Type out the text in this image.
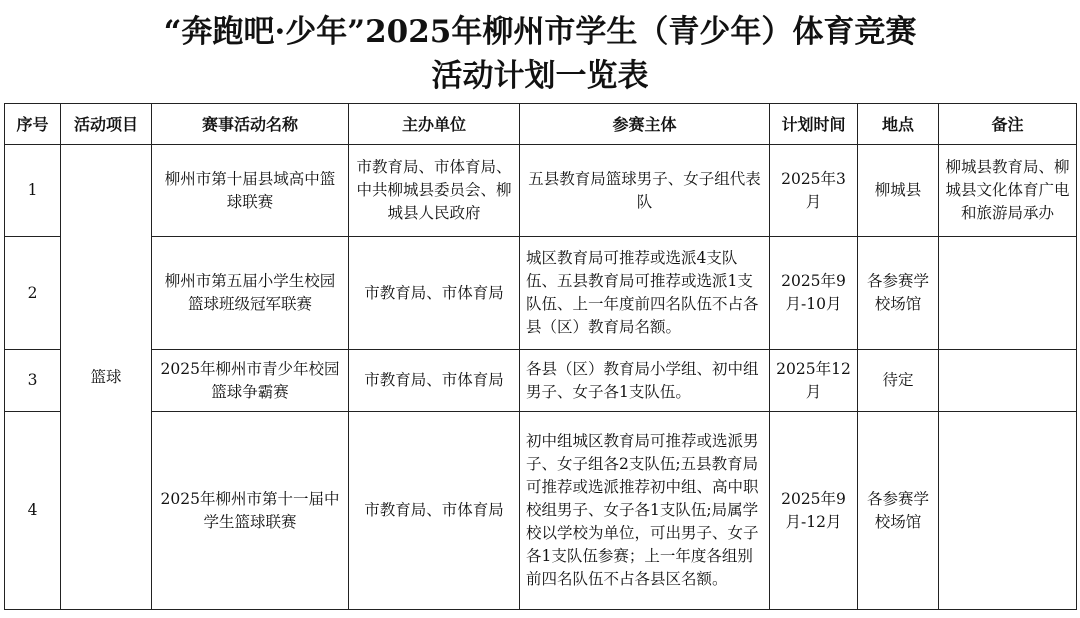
“奔跑吧·少年”2025年柳州市学生（青少年）体育竞赛
活动计划一览表
序号	活动项目	赛事活动名称	主办单位	参赛主体	计划时间	地点	备注
1	篮球	柳州市第十届县域高中篮球联赛	市教育局、市体育局、中共柳城县委员会、柳城县人民政府	五县教育局篮球男子、女子组代表队	2025年3月	柳城县	柳城县教育局、柳城县文化体育广电和旅游局承办
2		柳州市第五届小学生校园篮球班级冠军联赛	市教育局、市体育局	城区教育局可推荐或选派4支队伍、五县教育局可推荐或选派1支队伍、上一年度前四名队伍不占各县（区）教育局名额。	2025年9月-10月	各参赛学校场馆	
3		2025年柳州市青少年校园篮球争霸赛	市教育局、市体育局	各县（区）教育局小学组、初中组男子、女子各1支队伍。	2025年12月	待定	
4		2025年柳州市第十一届中学生篮球联赛	市教育局、市体育局	初中组城区教育局可推荐或选派男子、女子组各2支队伍;五县教育局可推荐或选派推荐初中组、高中职校组男子、女子各1支队伍;局属学校以学校为单位，可出男子、女子各1支队伍参赛；上一年度各组别前四名队伍不占各县区名额。	2025年9月-12月	各参赛学校场馆	
